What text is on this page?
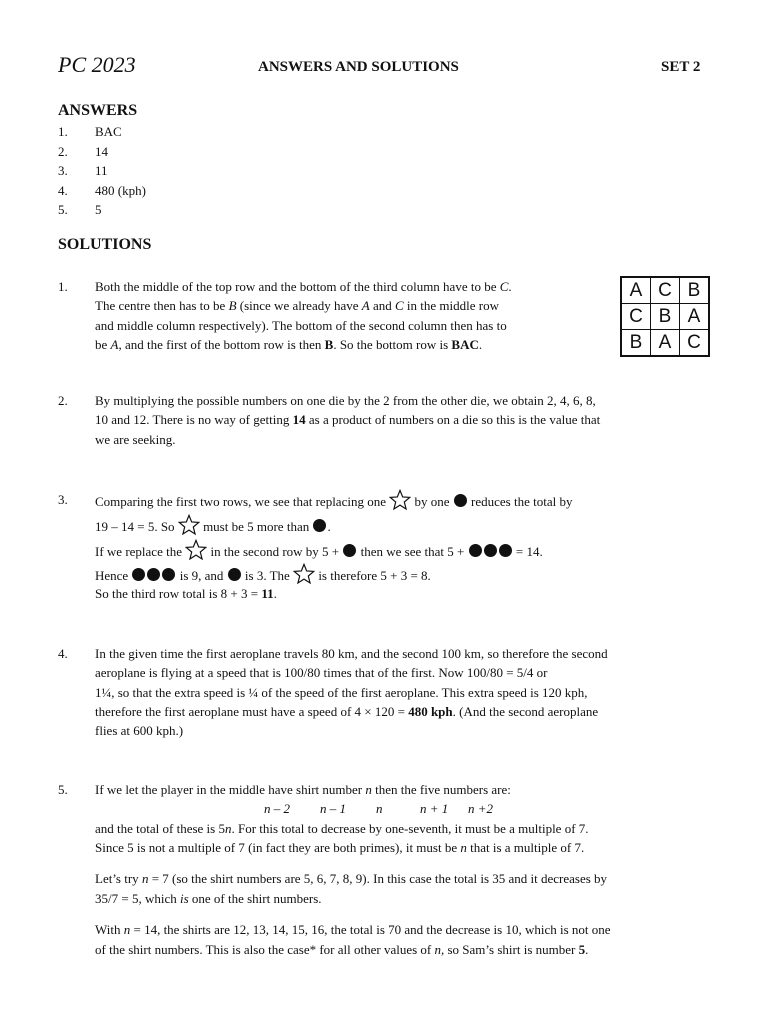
PC 2023	ANSWERS AND SOLUTIONS	SET 2
ANSWERS
1. BAC
2. 14
3. 11
4. 480 (kph)
5. 5
SOLUTIONS
1. Both the middle of the top row and the bottom of the third column have to be C.
The centre then has to be B (since we already have A and C in the middle row
and middle column respectively). The bottom of the second column then has to
be A, and the first of the bottom row is then B. So the bottom row is BAC.
A	C	B
C	B	A
B	A	C
2. By multiplying the possible numbers on one die by the 2 from the other die, we obtain 2, 4, 6, 8,
10 and 12. There is no way of getting 14 as a product of numbers on a die so this is the value that
we are seeking.
3. Comparing the first two rows, we see that replacing one  by one  reduces the total by
19 – 14 = 5. So  must be 5 more than .
If we replace the  in the second row by 5 +  then we see that 5 +	= 14.
Hence	is 9, and  is 3. The  is therefore 5 + 3 = 8.
So the third row total is 8 + 3 = 11.
4. In the given time the first aeroplane travels 80 km, and the second 100 km, so therefore the second
aeroplane is flying at a speed that is 100/80 times that of the first. Now 100/80 = 5/4 or
1¼, so that the extra speed is ¼ of the speed of the first aeroplane. This extra speed is 120 kph,
therefore the first aeroplane must have a speed of 4 × 120 = 480 kph. (And the second aeroplane
flies at 600 kph.)
5. If we let the player in the middle have shirt number n then the five numbers are:
n – 2 n – 1 n	n + 1 n +2
and the total of these is 5n. For this total to decrease by one-seventh, it must be a multiple of 7.
Since 5 is not a multiple of 7 (in fact they are both primes), it must be n that is a multiple of 7.
Let’s try n = 7 (so the shirt numbers are 5, 6, 7, 8, 9). In this case the total is 35 and it decreases by
35/7 = 5, which is one of the shirt numbers.
With n = 14, the shirts are 12, 13, 14, 15, 16, the total is 70 and the decrease is 10, which is not one
of the shirt numbers. This is also the case* for all other values of n, so Sam’s shirt is number 5.
